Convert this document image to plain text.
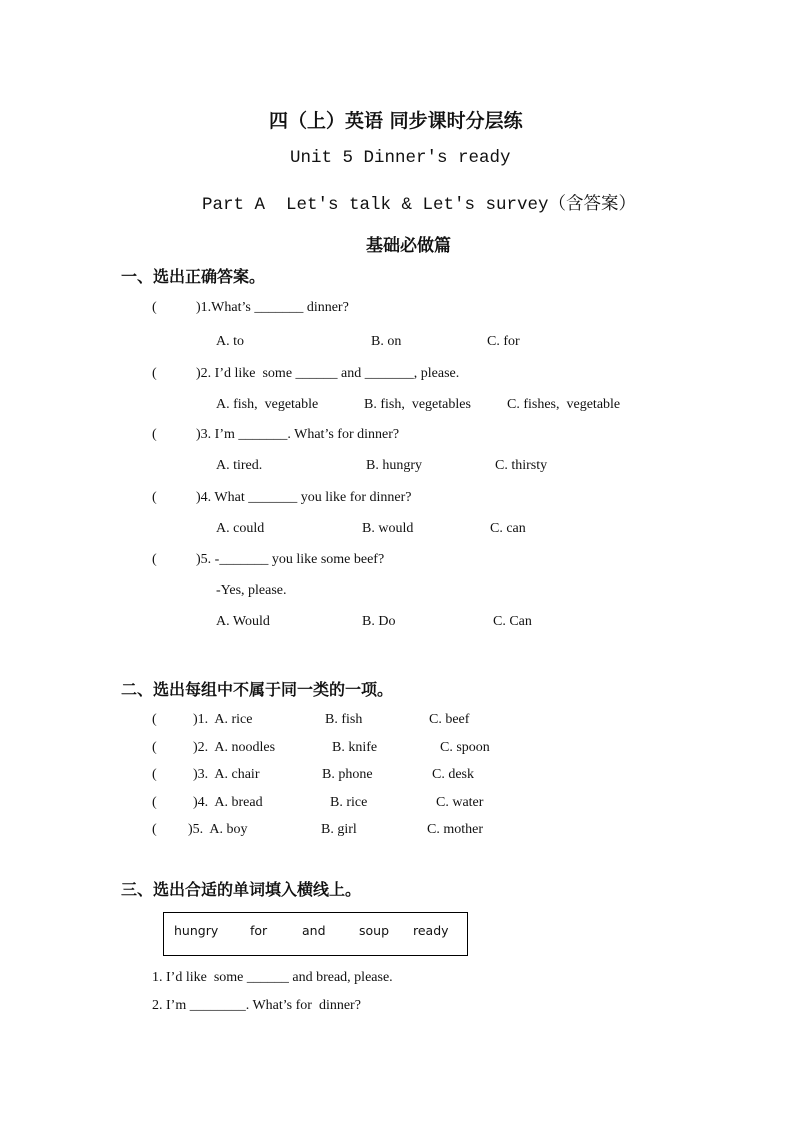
四（上）英语 同步课时分层练
Unit 5 Dinner's ready
Part A  Let's talk & Let's survey（含答案）
基础必做篇
一、选出正确答案。
(	)1.What’s _______ dinner?
A. to	B. on	C. for
(	)2. I’d like  some ______ and _______, please.
A. fish,  vegetable	B. fish,  vegetables	C. fishes,  vegetable
(	)3. I’m _______. What’s for dinner?
A. tired.	B. hungry	C. thirsty
(	)4. What _______ you like for dinner?
A. could	B. would	C. can
(	)5. -_______ you like some beef?
-Yes, please.
A. Would	B. Do	C. Can
二、选出每组中不属于同一类的一项。
(	)1.  A. rice	B. fish	C. beef
(	)2.  A. noodles	B. knife	C. spoon
(	)3.  A. chair	B. phone	C. desk
(	)4.  A. bread	B. rice	C. water
( )5.  A. boy	B. girl	C. mother
三、选出合适的单词填入横线上。
hungry	for	and	soup ready
1. I’d like  some ______ and bread, please.
2. I’m ________. What’s for  dinner?
